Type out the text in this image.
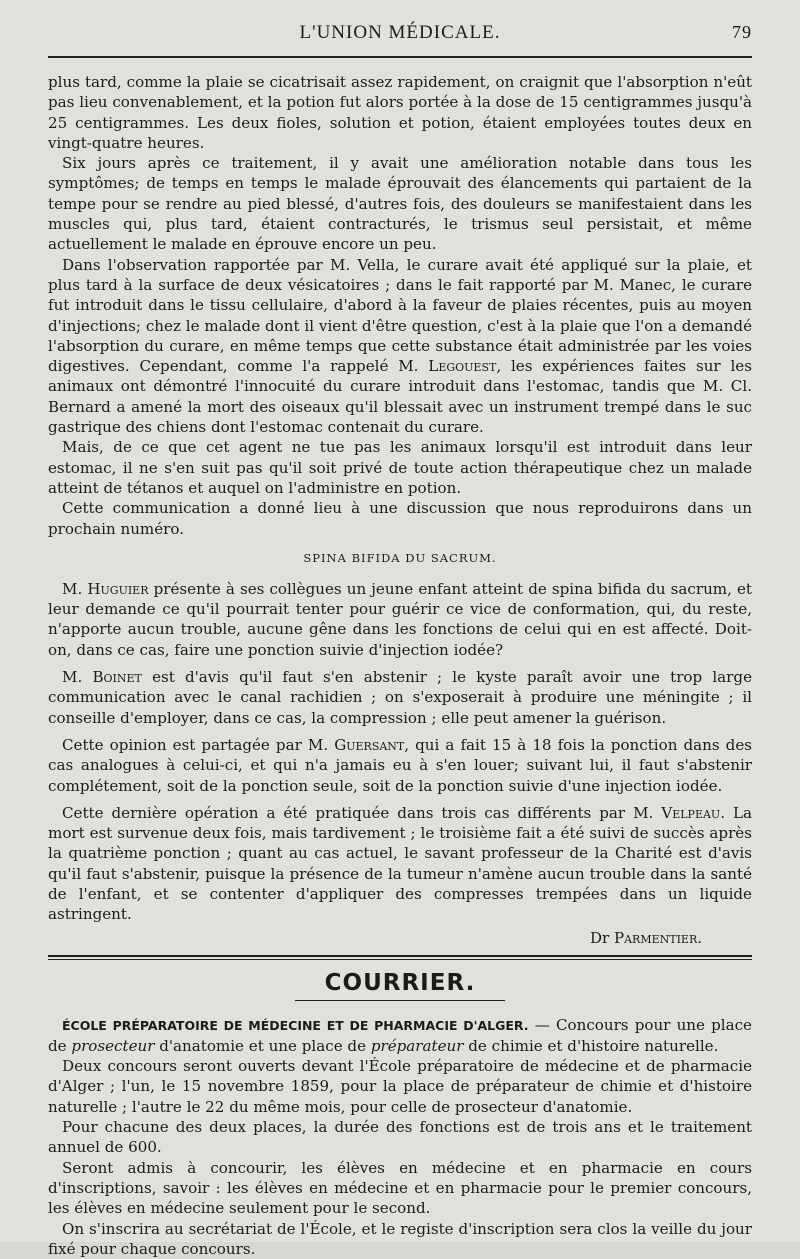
L'UNION MÉDICALE.	79

plus tard, comme la plaie se cicatrisait assez rapidement, on craignit que l'absorption n'eût pas lieu convenablement, et la potion fut alors portée à la dose de 15 centigrammes jusqu'à 25 centigrammes. Les deux fioles, solution et potion, étaient employées toutes deux en vingt-quatre heures.

Six jours après ce traitement, il y avait une amélioration notable dans tous les symptômes; de temps en temps le malade éprouvait des élancements qui partaient de la tempe pour se rendre au pied blessé, d'autres fois, des douleurs se manifestaient dans les muscles qui, plus tard, étaient contracturés, le trismus seul persistait, et même actuellement le malade en éprouve encore un peu.

Dans l'observation rapportée par M. Vella, le curare avait été appliqué sur la plaie, et plus tard à la surface de deux vésicatoires ; dans le fait rapporté par M. Manec, le curare fut introduit dans le tissu cellulaire, d'abord à la faveur de plaies récentes, puis au moyen d'injections; chez le malade dont il vient d'être question, c'est à la plaie que l'on a demandé l'absorption du curare, en même temps que cette substance était administrée par les voies digestives. Cependant, comme l'a rappelé M. Legouest, les expériences faites sur les animaux ont démontré l'innocuité du curare introduit dans l'estomac, tandis que M. Cl. Bernard a amené la mort des oiseaux qu'il blessait avec un instrument trempé dans le suc gastrique des chiens dont l'estomac contenait du curare.

Mais, de ce que cet agent ne tue pas les animaux lorsqu'il est introduit dans leur estomac, il ne s'en suit pas qu'il soit privé de toute action thérapeutique chez un malade atteint de tétanos et auquel on l'administre en potion.

Cette communication a donné lieu à une discussion que nous reproduirons dans un prochain numéro.

SPINA BIFIDA DU SACRUM.

M. Huguier présente à ses collègues un jeune enfant atteint de spina bifida du sacrum, et leur demande ce qu'il pourrait tenter pour guérir ce vice de conformation, qui, du reste, n'apporte aucun trouble, aucune gêne dans les fonctions de celui qui en est affecté. Doit-on, dans ce cas, faire une ponction suivie d'injection iodée?

M. Boinet est d'avis qu'il faut s'en abstenir ; le kyste paraît avoir une trop large communication avec le canal rachidien ; on s'exposerait à produire une méningite ; il conseille d'employer, dans ce cas, la compression ; elle peut amener la guérison.

Cette opinion est partagée par M. Guersant, qui a fait 15 à 18 fois la ponction dans des cas analogues à celui-ci, et qui n'a jamais eu à s'en louer; suivant lui, il faut s'abstenir complétement, soit de la ponction seule, soit de la ponction suivie d'une injection iodée.

Cette dernière opération a été pratiquée dans trois cas différents par M. Velpeau. La mort est survenue deux fois, mais tardivement ; le troisième fait a été suivi de succès après la quatrième ponction ; quant au cas actuel, le savant professeur de la Charité est d'avis qu'il faut s'abstenir, puisque la présence de la tumeur n'amène aucun trouble dans la santé de l'enfant, et se contenter d'appliquer des compresses trempées dans un liquide astringent.

Dr Parmentier.
COURRIER.

ÉCOLE PRÉPARATOIRE DE MÉDECINE ET DE PHARMACIE D'ALGER. — Concours pour une place de prosecteur d'anatomie et une place de préparateur de chimie et d'histoire naturelle.

Deux concours seront ouverts devant l'École préparatoire de médecine et de pharmacie d'Alger ; l'un, le 15 novembre 1859, pour la place de préparateur de chimie et d'histoire naturelle ; l'autre le 22 du même mois, pour celle de prosecteur d'anatomie.

Pour chacune des deux places, la durée des fonctions est de trois ans et le traitement annuel de 600.

Seront admis à concourir, les élèves en médecine et en pharmacie en cours d'inscriptions, savoir : les élèves en médecine et en pharmacie pour le premier concours, les élèves en médecine seulement pour le second.

On s'inscrira au secrétariat de l'École, et le registe d'inscription sera clos la veille du jour fixé pour chaque concours.
